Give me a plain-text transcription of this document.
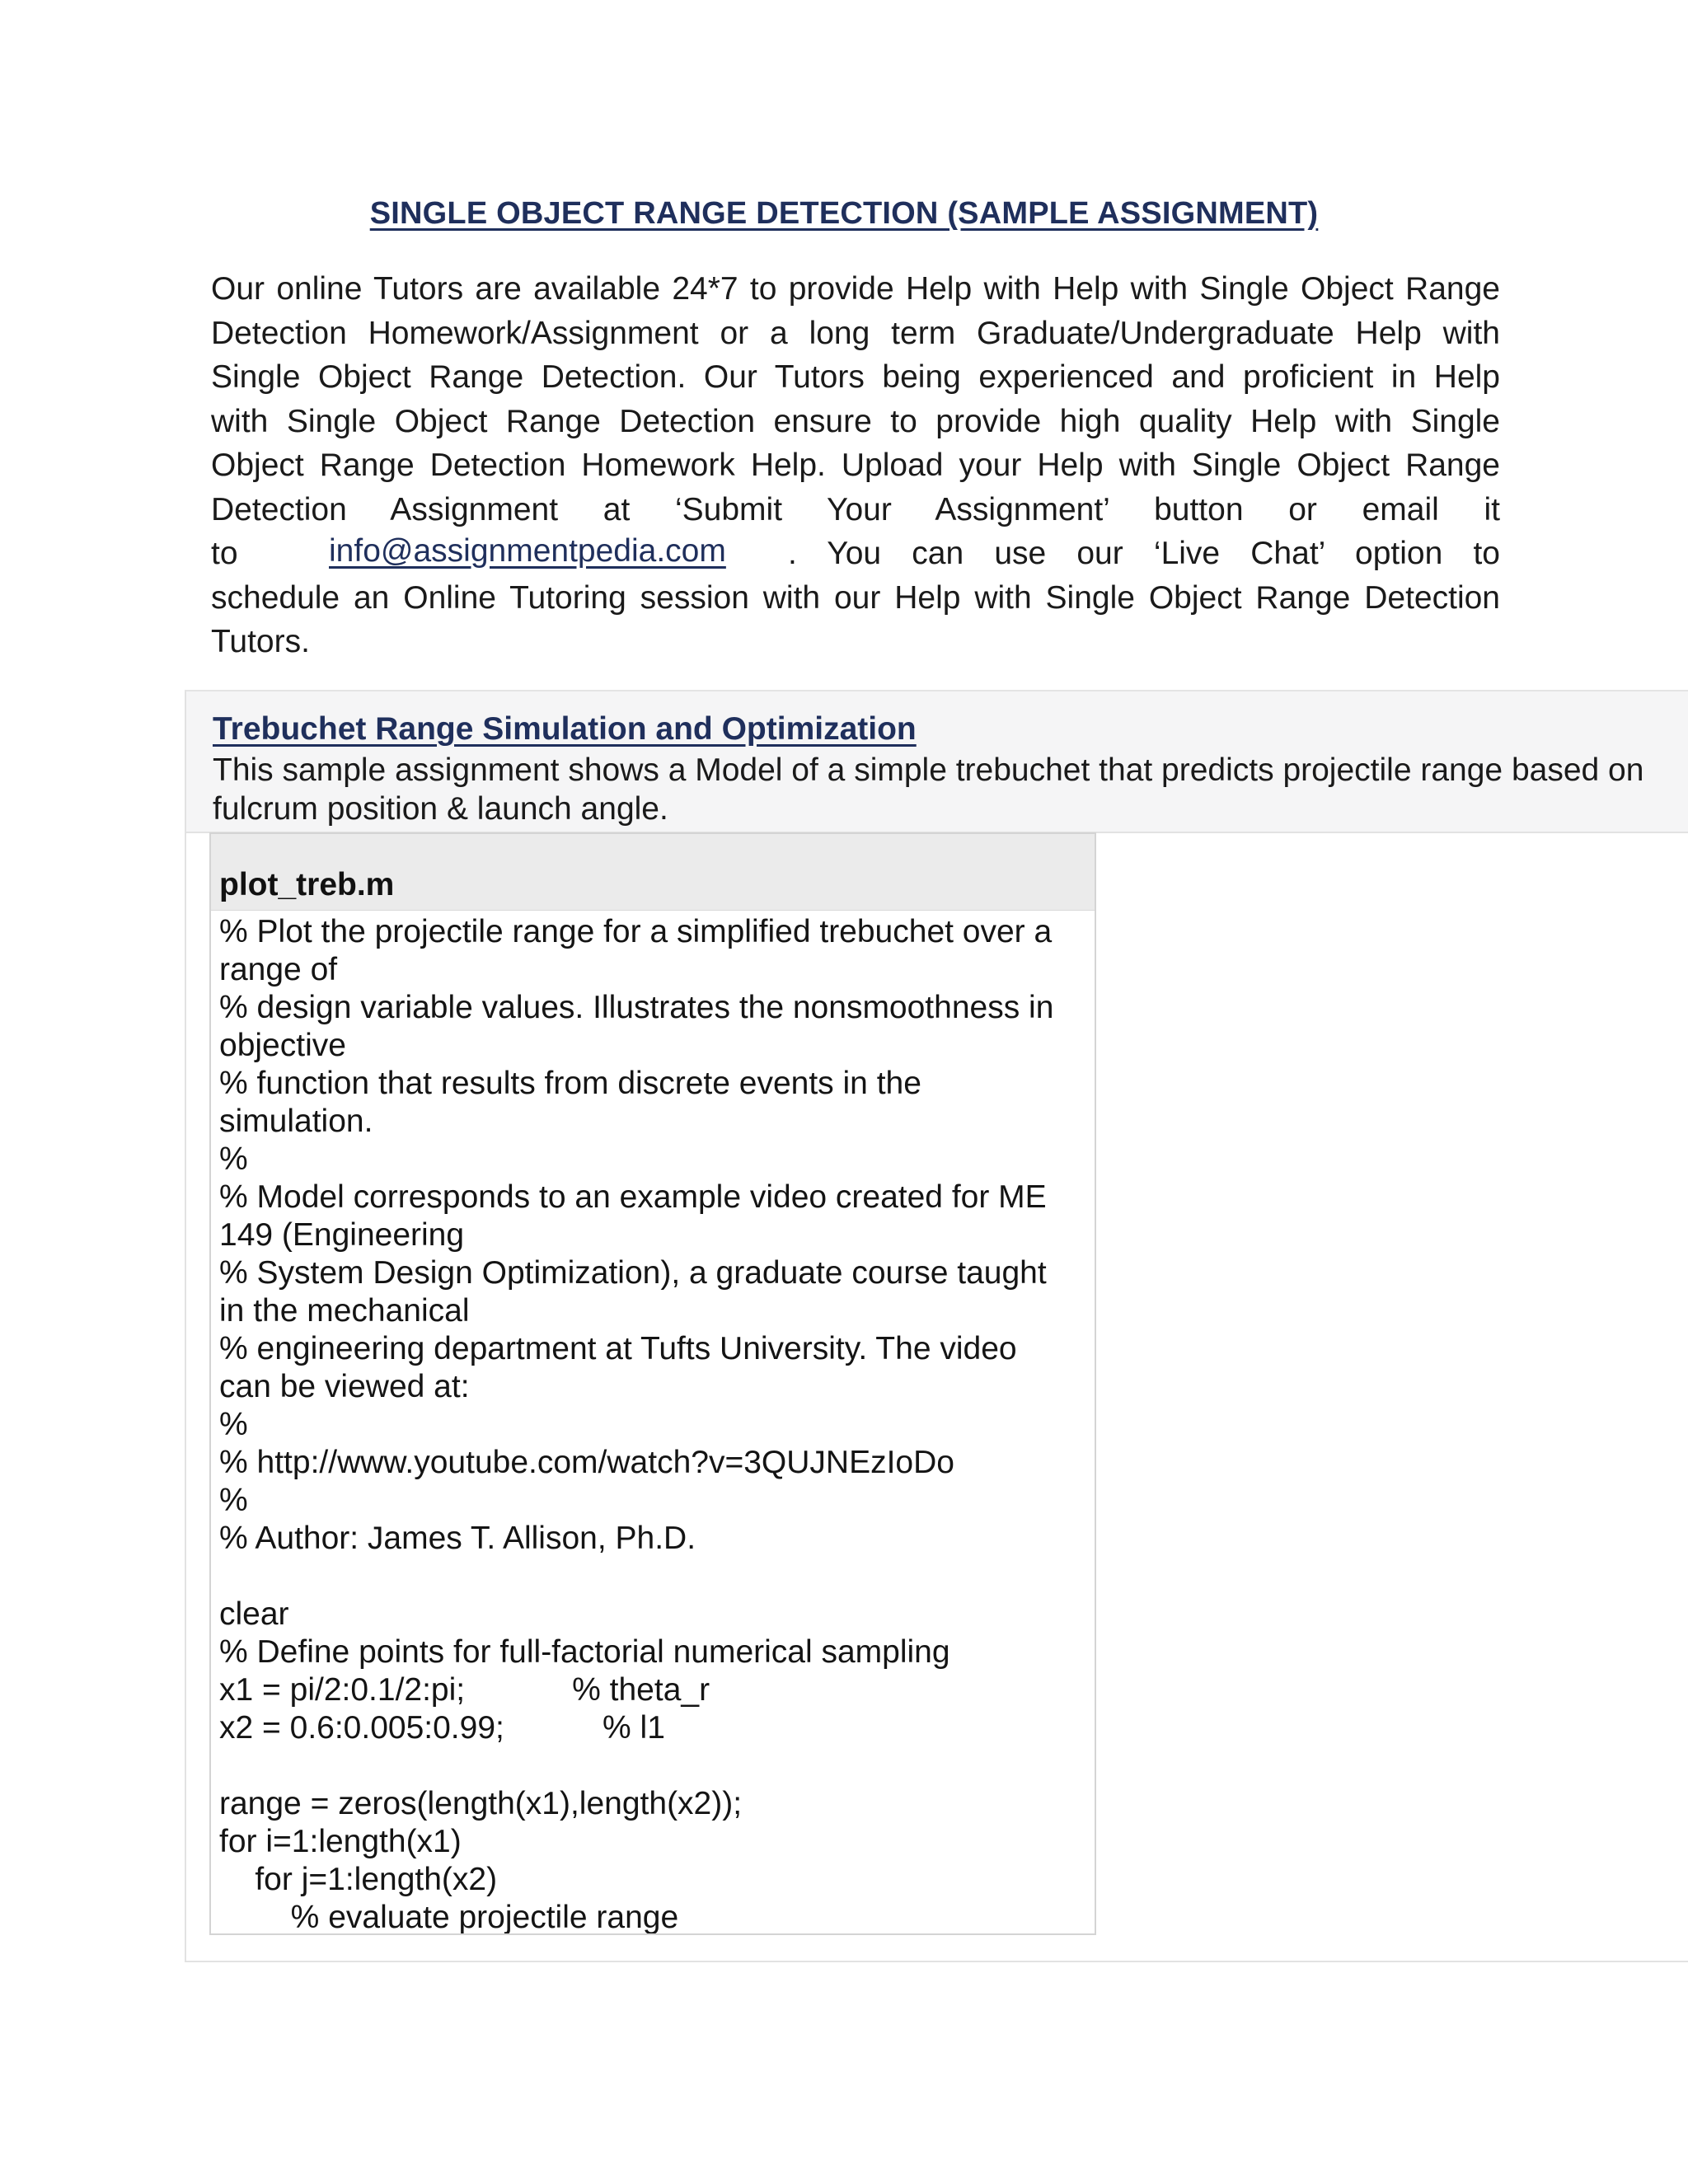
SINGLE OBJECT RANGE DETECTION (SAMPLE ASSIGNMENT)
Our online Tutors are available 24*7 to provide Help with Help with Single Object Range
Detection Homework/Assignment or a long term Graduate/Undergraduate Help with
Single Object Range Detection. Our Tutors being experienced and proficient in Help
with Single Object Range Detection ensure to provide high quality Help with Single
Object Range Detection Homework Help. Upload your Help with Single Object Range
Detection Assignment at ‘Submit Your Assignment’ button or email it
to	info@assignmentpedia.com . You can use our ‘Live Chat’ option to

schedule an Online Tutoring session with our Help with Single Object Range Detection
Tutors.
Trebuchet Range Simulation and Optimization
This sample assignment shows a Model of a simple trebuchet that predicts projectile range based on fulcrum position & launch angle.
plot_treb.m
% Plot the projectile range for a simplified trebuchet over a
range of
% design variable values. Illustrates the nonsmoothness in
objective
% function that results from discrete events in the
simulation.
%
% Model corresponds to an example video created for ME
149 (Engineering
% System Design Optimization), a graduate course taught
in the mechanical
% engineering department at Tufts University. The video
can be viewed at:
%
% http://www.youtube.com/watch?v=3QUJNEzIoDo
%
% Author: James T. Allison, Ph.D.
clear
% Define points for full-factorial numerical sampling
x1 = pi/2:0.1/2:pi;            % theta_r
x2 = 0.6:0.005:0.99;           % l1
range = zeros(length(x1),length(x2));
for i=1:length(x1)
for j=1:length(x2)
% evaluate projectile range
